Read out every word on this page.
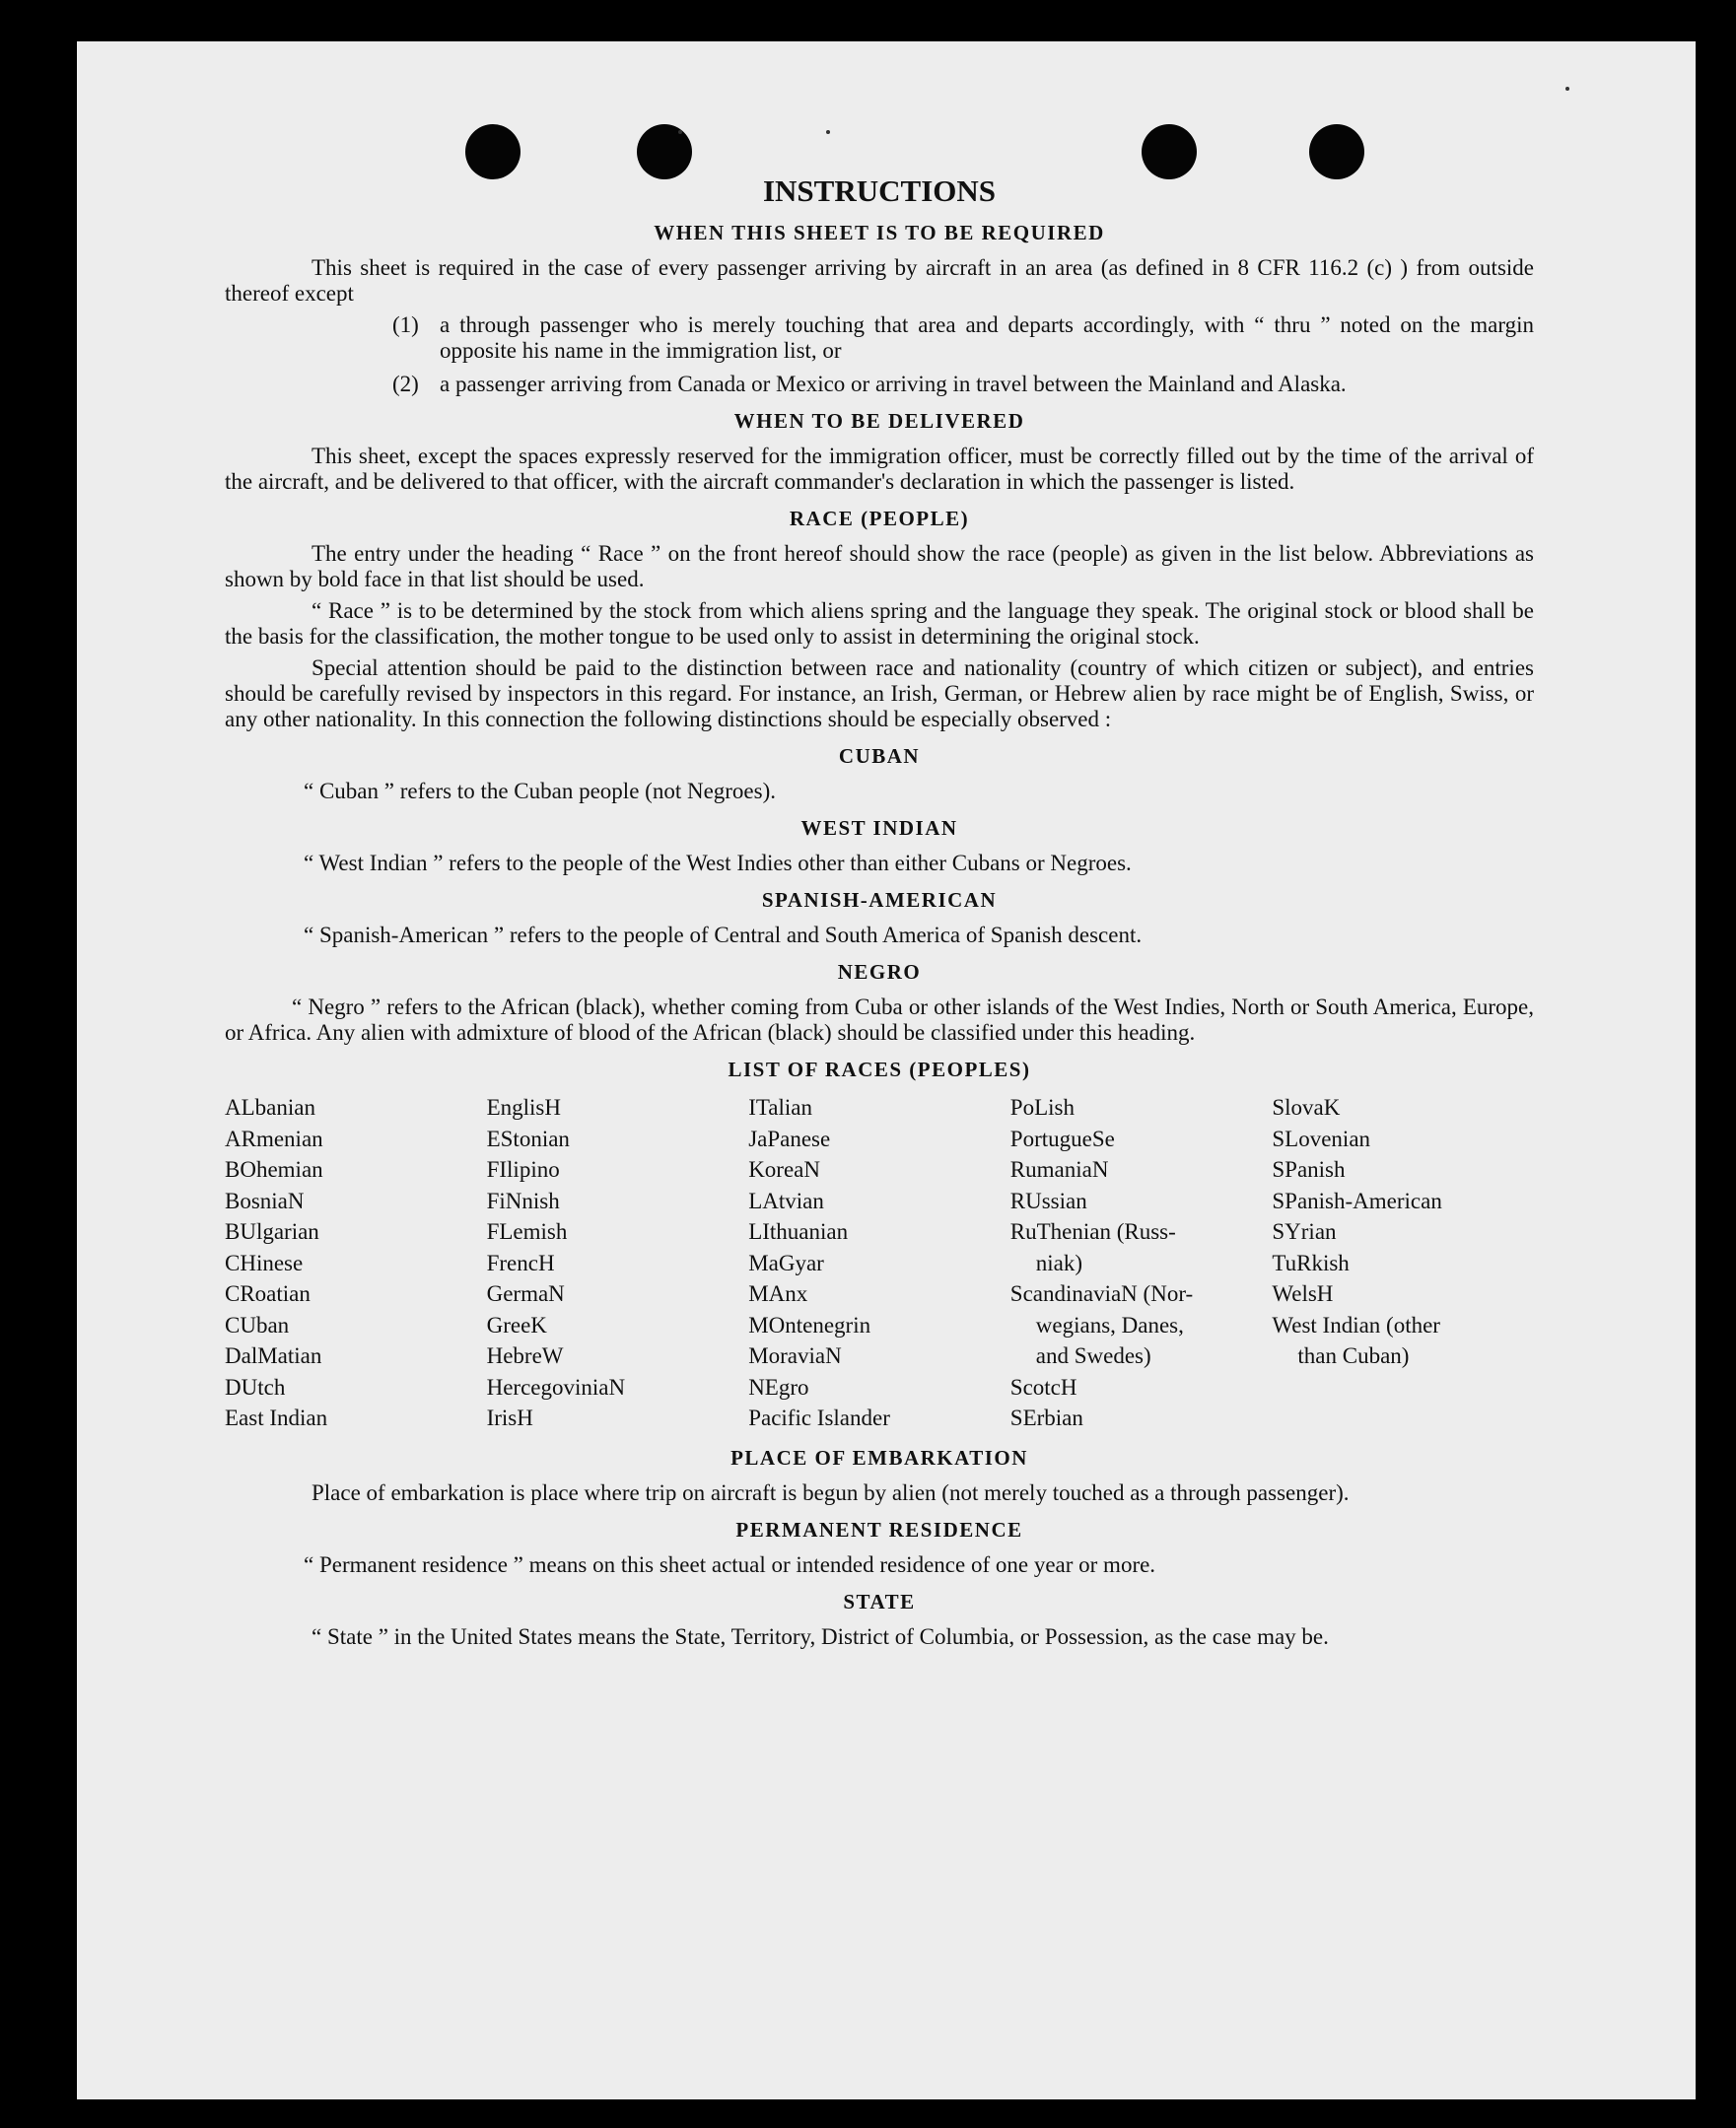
INSTRUCTIONS
WHEN THIS SHEET IS TO BE REQUIRED

This sheet is required in the case of every passenger arriving by aircraft in an area (as defined in 8 CFR 116.2 (c) ) from outside thereof except

(1) a through passenger who is merely touching that area and departs accordingly, with “ thru ” noted on the margin opposite his name in the immigration list, or
(2) a passenger arriving from Canada or Mexico or arriving in travel between the Mainland and Alaska.
WHEN TO BE DELIVERED

This sheet, except the spaces expressly reserved for the immigration officer, must be correctly filled out by the time of the arrival of the aircraft, and be delivered to that officer, with the aircraft commander's declaration in which the passenger is listed.

RACE (PEOPLE)

The entry under the heading “ Race ” on the front hereof should show the race (people) as given in the list below. Abbreviations as shown by bold face in that list should be used.

“ Race ” is to be determined by the stock from which aliens spring and the language they speak. The original stock or blood shall be the basis for the classification, the mother tongue to be used only to assist in determining the original stock.

Special attention should be paid to the distinction between race and nationality (country of which citizen or subject), and entries should be carefully revised by inspectors in this regard. For instance, an Irish, German, or Hebrew alien by race might be of English, Swiss, or any other nationality. In this connection the following distinctions should be especially observed :

CUBAN
“ Cuban ” refers to the Cuban people (not Negroes).
WEST INDIAN
“ West Indian ” refers to the people of the West Indies other than either Cubans or Negroes.
SPANISH-AMERICAN
“ Spanish-American ” refers to the people of Central and South America of Spanish descent.
NEGRO

“ Negro ” refers to the African (black), whether coming from Cuba or other islands of the West Indies, North or South America, Europe, or Africa. Any alien with admixture of blood of the African (black) should be classified under this heading.

LIST OF RACES (PEOPLES)
ALbanian
ARmenian
BOhemian
BosniaN
BUlgarian
CHinese
CRoatian
CUban
DalMatian
DUtch
East Indian
EnglisH
EStonian
FIlipino
FiNnish
FLemish
FrencH
GermaN
GreeK
HebreW
HercegoviniaN
IrisH
ITalian
JaPanese
KoreaN
LAtvian
LIthuanian
MaGyar
MAnx
MOntenegrin
MoraviaN
NEgro
Pacific Islander
PoLish
PortugueSe
RumaniaN
RUssian
RuThenian (Russ-
niak)
ScandinaviaN (Nor-
wegians, Danes,
and Swedes)
ScotcH
SErbian
SlovaK
SLovenian
SPanish
SPanish-American
SYrian
TuRkish
WelsH
West Indian (other
than Cuban)
PLACE OF EMBARKATION

Place of embarkation is place where trip on aircraft is begun by alien (not merely touched as a through passenger).

PERMANENT RESIDENCE
“ Permanent residence ” means on this sheet actual or intended residence of one year or more.
STATE

“ State ” in the United States means the State, Territory, District of Columbia, or Possession, as the case may be.
